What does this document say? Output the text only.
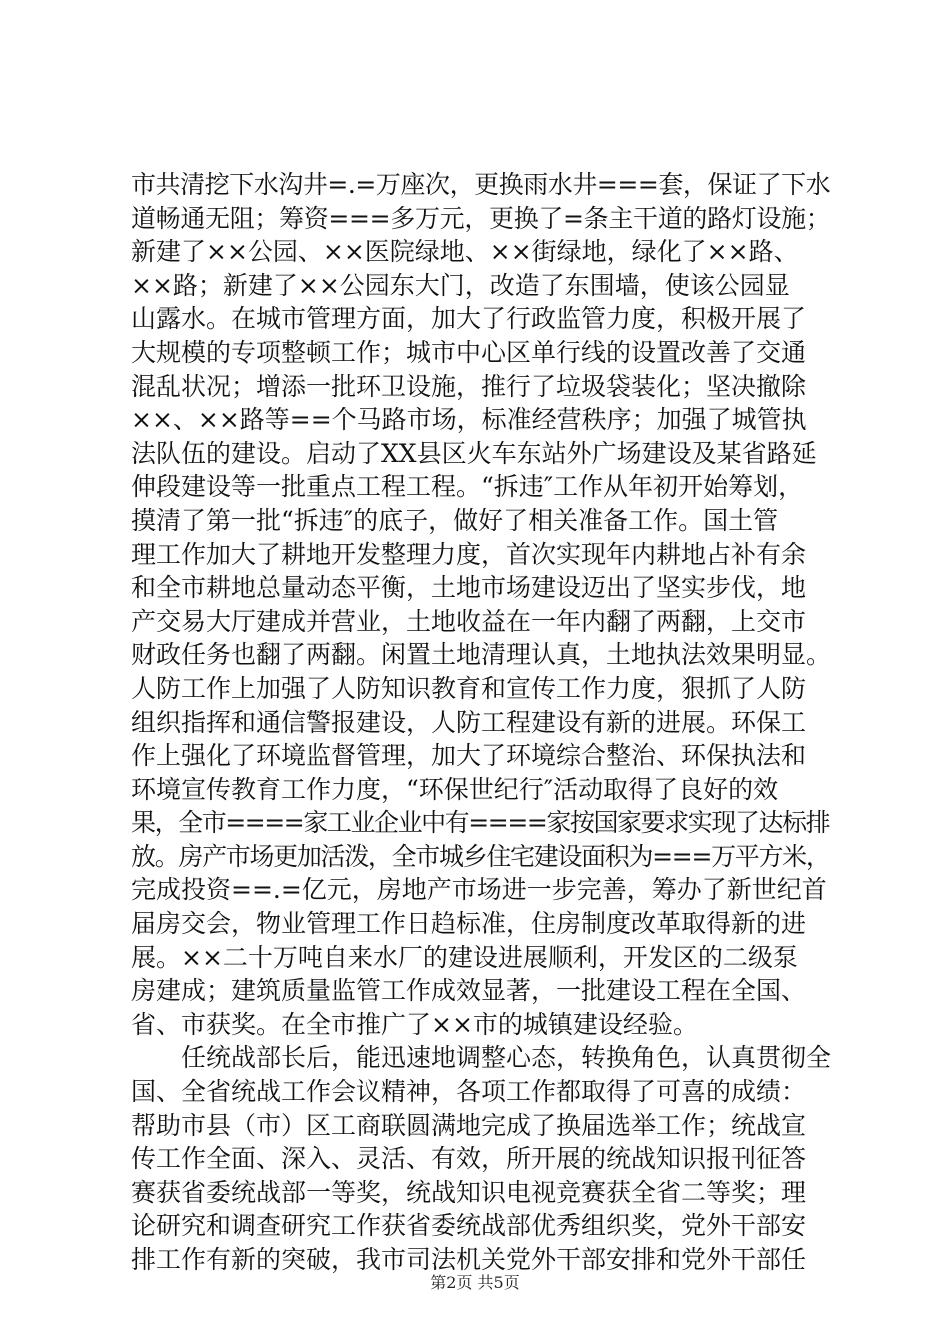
市共清挖下水沟井=.=万座次，更换雨水井===套，保证了下水
道畅通无阻；筹资===多万元，更换了=条主干道的路灯设施；
新建了××公园、××医院绿地、××街绿地，绿化了××路、
××路；新建了××公园东大门，改造了东围墙，使该公园显
山露水。在城市管理方面，加大了行政监管力度，积极开展了
大规模的专项整顿工作；城市中心区单行线的设置改善了交通
混乱状况；增添一批环卫设施，推行了垃圾袋装化；坚决撤除
××、××路等==个马路市场，标准经营秩序；加强了城管执
法队伍的建设。启动了XX县区火车东站外广场建设及某省路延
伸段建设等一批重点工程工程。“拆违″工作从年初开始筹划，
摸清了第一批“拆违″的底子，做好了相关准备工作。国土管
理工作加大了耕地开发整理力度，首次实现年内耕地占补有余
和全市耕地总量动态平衡，土地市场建设迈出了坚实步伐，地
产交易大厅建成并营业，土地收益在一年内翻了两翻，上交市
财政任务也翻了两翻。闲置土地清理认真，土地执法效果明显。
人防工作上加强了人防知识教育和宣传工作力度，狠抓了人防
组织指挥和通信警报建设，人防工程建设有新的进展。环保工
作上强化了环境监督管理，加大了环境综合整治、环保执法和
环境宣传教育工作力度，“环保世纪行″活动取得了良好的效
果，全市====家工业企业中有====家按国家要求实现了达标排
放。房产市场更加活泼，全市城乡住宅建设面积为===万平方米，
完成投资==.=亿元，房地产市场进一步完善，筹办了新世纪首
届房交会，物业管理工作日趋标准，住房制度改革取得新的进
展。××二十万吨自来水厂的建设进展顺利，开发区的二级泵
房建成；建筑质量监管工作成效显著，一批建设工程在全国、
省、市获奖。在全市推广了××市的城镇建设经验。
　　任统战部长后，能迅速地调整心态，转换角色，认真贯彻全
国、全省统战工作会议精神，各项工作都取得了可喜的成绩：
帮助市县（市）区工商联圆满地完成了换届选举工作；统战宣
传工作全面、深入、灵活、有效，所开展的统战知识报刊征答
赛获省委统战部一等奖，统战知识电视竞赛获全省二等奖；理
论研究和调查研究工作获省委统战部优秀组织奖，党外干部安
排工作有新的突破，我市司法机关党外干部安排和党外干部任
第2页 共5页
